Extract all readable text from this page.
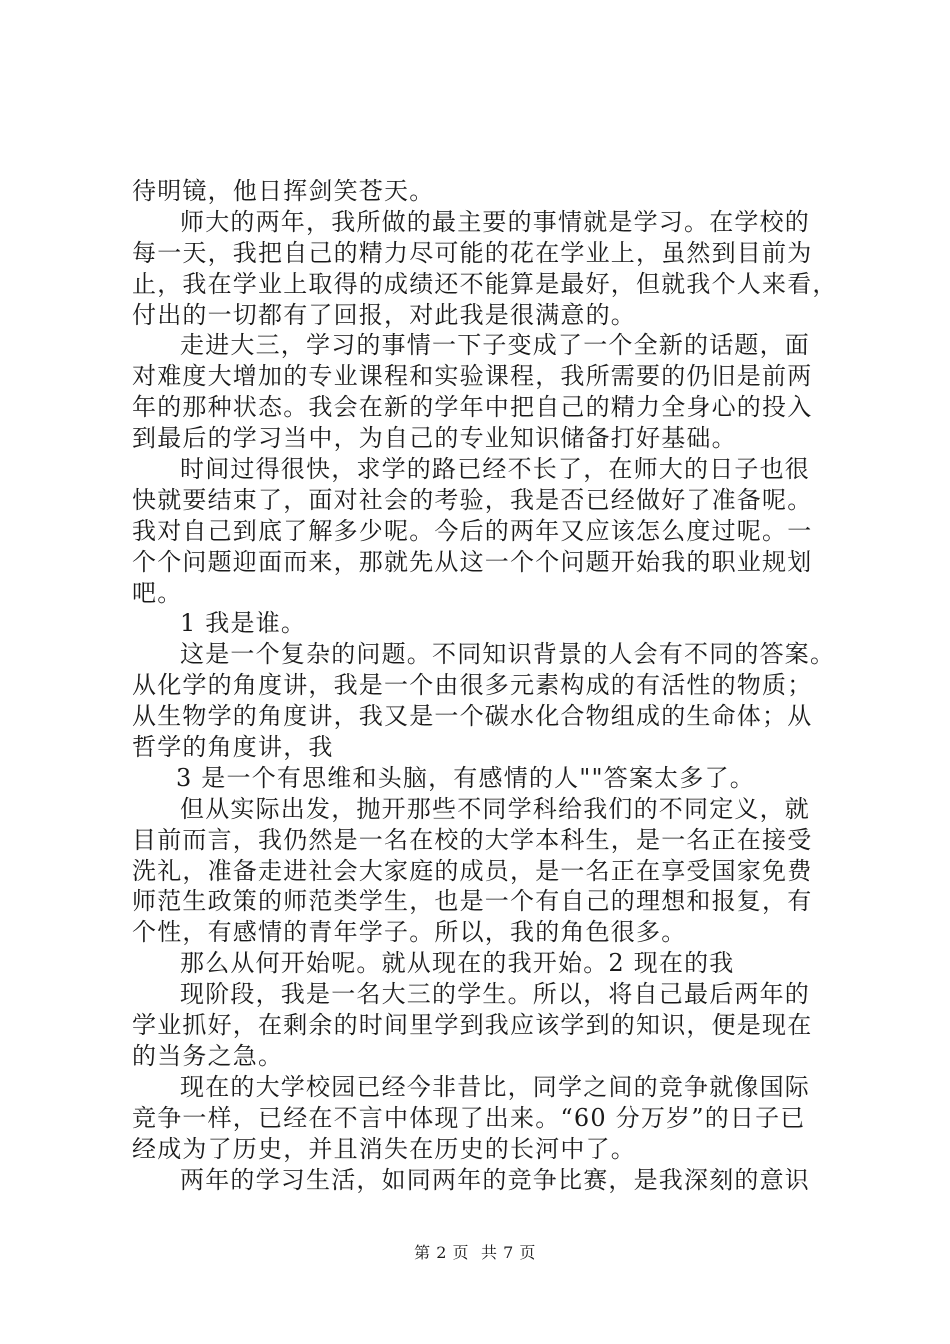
待明镜，他日挥剑笑苍天。
师大的两年，我所做的最主要的事情就是学习。在学校的
每一天，我把自己的精力尽可能的花在学业上，虽然到目前为
止，我在学业上取得的成绩还不能算是最好，但就我个人来看，
付出的一切都有了回报，对此我是很满意的。
走进大三，学习的事情一下子变成了一个全新的话题，面
对难度大增加的专业课程和实验课程，我所需要的仍旧是前两
年的那种状态。我会在新的学年中把自己的精力全身心的投入
到最后的学习当中，为自己的专业知识储备打好基础。
时间过得很快，求学的路已经不长了，在师大的日子也很
快就要结束了，面对社会的考验，我是否已经做好了准备呢。
我对自己到底了解多少呢。今后的两年又应该怎么度过呢。一
个个问题迎面而来，那就先从这一个个问题开始我的职业规划
吧。
1 我是谁。
这是一个复杂的问题。不同知识背景的人会有不同的答案。
从化学的角度讲，我是一个由很多元素构成的有活性的物质；
从生物学的角度讲，我又是一个碳水化合物组成的生命体；从
哲学的角度讲，我
3 是一个有思维和头脑，有感情的人""答案太多了。
但从实际出发，抛开那些不同学科给我们的不同定义，就
目前而言，我仍然是一名在校的大学本科生，是一名正在接受
洗礼，准备走进社会大家庭的成员，是一名正在享受国家免费
师范生政策的师范类学生，也是一个有自己的理想和报复，有
个性，有感情的青年学子。所以，我的角色很多。
那么从何开始呢。就从现在的我开始。2 现在的我
现阶段，我是一名大三的学生。所以，将自己最后两年的
学业抓好，在剩余的时间里学到我应该学到的知识，便是现在
的当务之急。
现在的大学校园已经今非昔比，同学之间的竞争就像国际
竞争一样，已经在不言中体现了出来。“60 分万岁”的日子已
经成为了历史，并且消失在历史的长河中了。
两年的学习生活，如同两年的竞争比赛，是我深刻的意识
第 2 页 共 7 页
